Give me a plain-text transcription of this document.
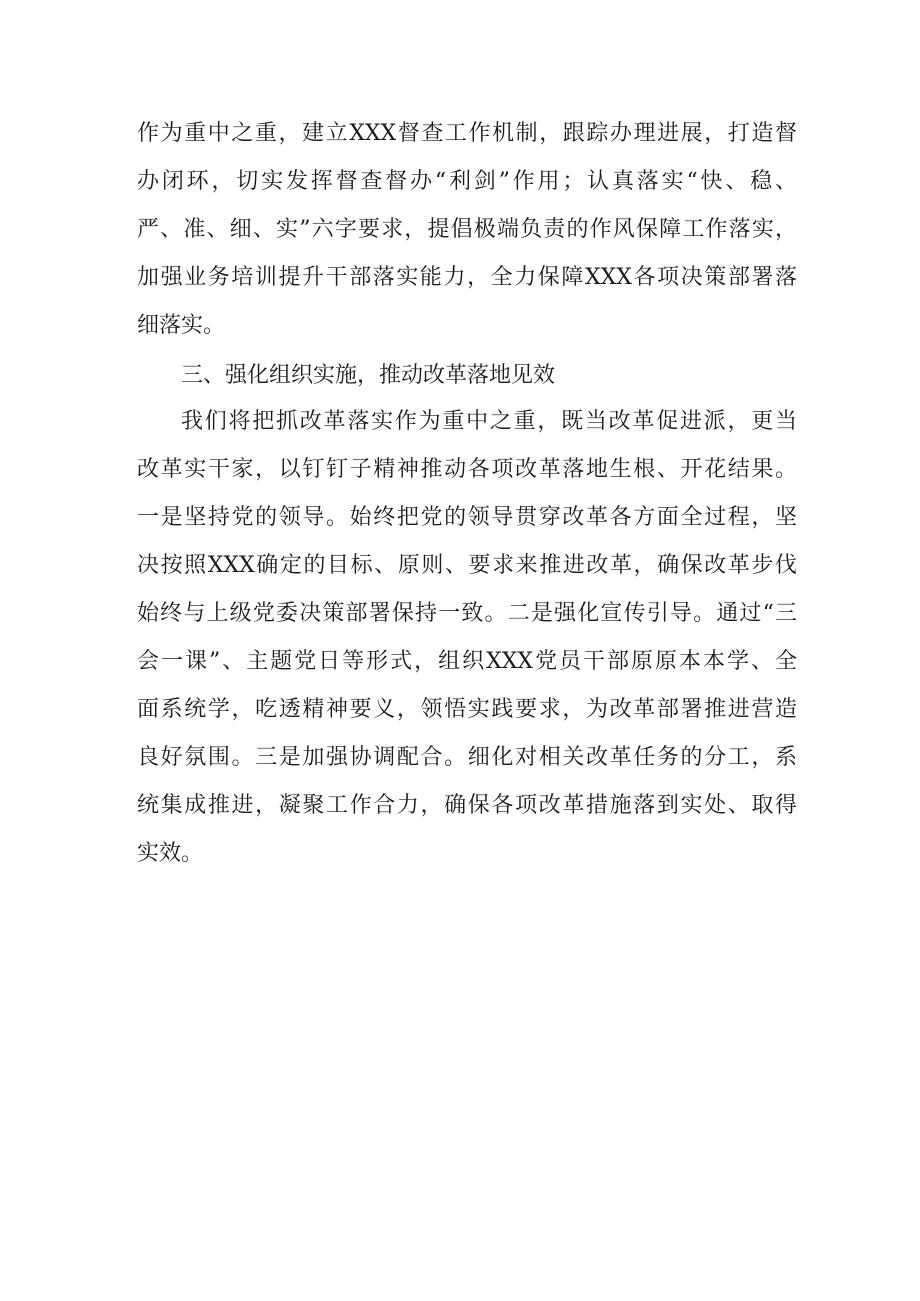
作为重中之重，建立XXX督查工作机制，跟踪办理进展，打造督
办闭环，切实发挥督查督办“利剑”作用；认真落实“快、稳、
严、准、细、实”六字要求，提倡极端负责的作风保障工作落实，
加强业务培训提升干部落实能力，全力保障XXX各项决策部署落
细落实。
三、强化组织实施，推动改革落地见效
我们将把抓改革落实作为重中之重，既当改革促进派，更当
改革实干家，以钉钉子精神推动各项改革落地生根、开花结果。
一是坚持党的领导。始终把党的领导贯穿改革各方面全过程，坚
决按照XXX确定的目标、原则、要求来推进改革，确保改革步伐
始终与上级党委决策部署保持一致。二是强化宣传引导。通过“三
会一课”、主题党日等形式，组织XXX党员干部原原本本学、全
面系统学，吃透精神要义，领悟实践要求，为改革部署推进营造
良好氛围。三是加强协调配合。细化对相关改革任务的分工，系
统集成推进，凝聚工作合力，确保各项改革措施落到实处、取得
实效。
